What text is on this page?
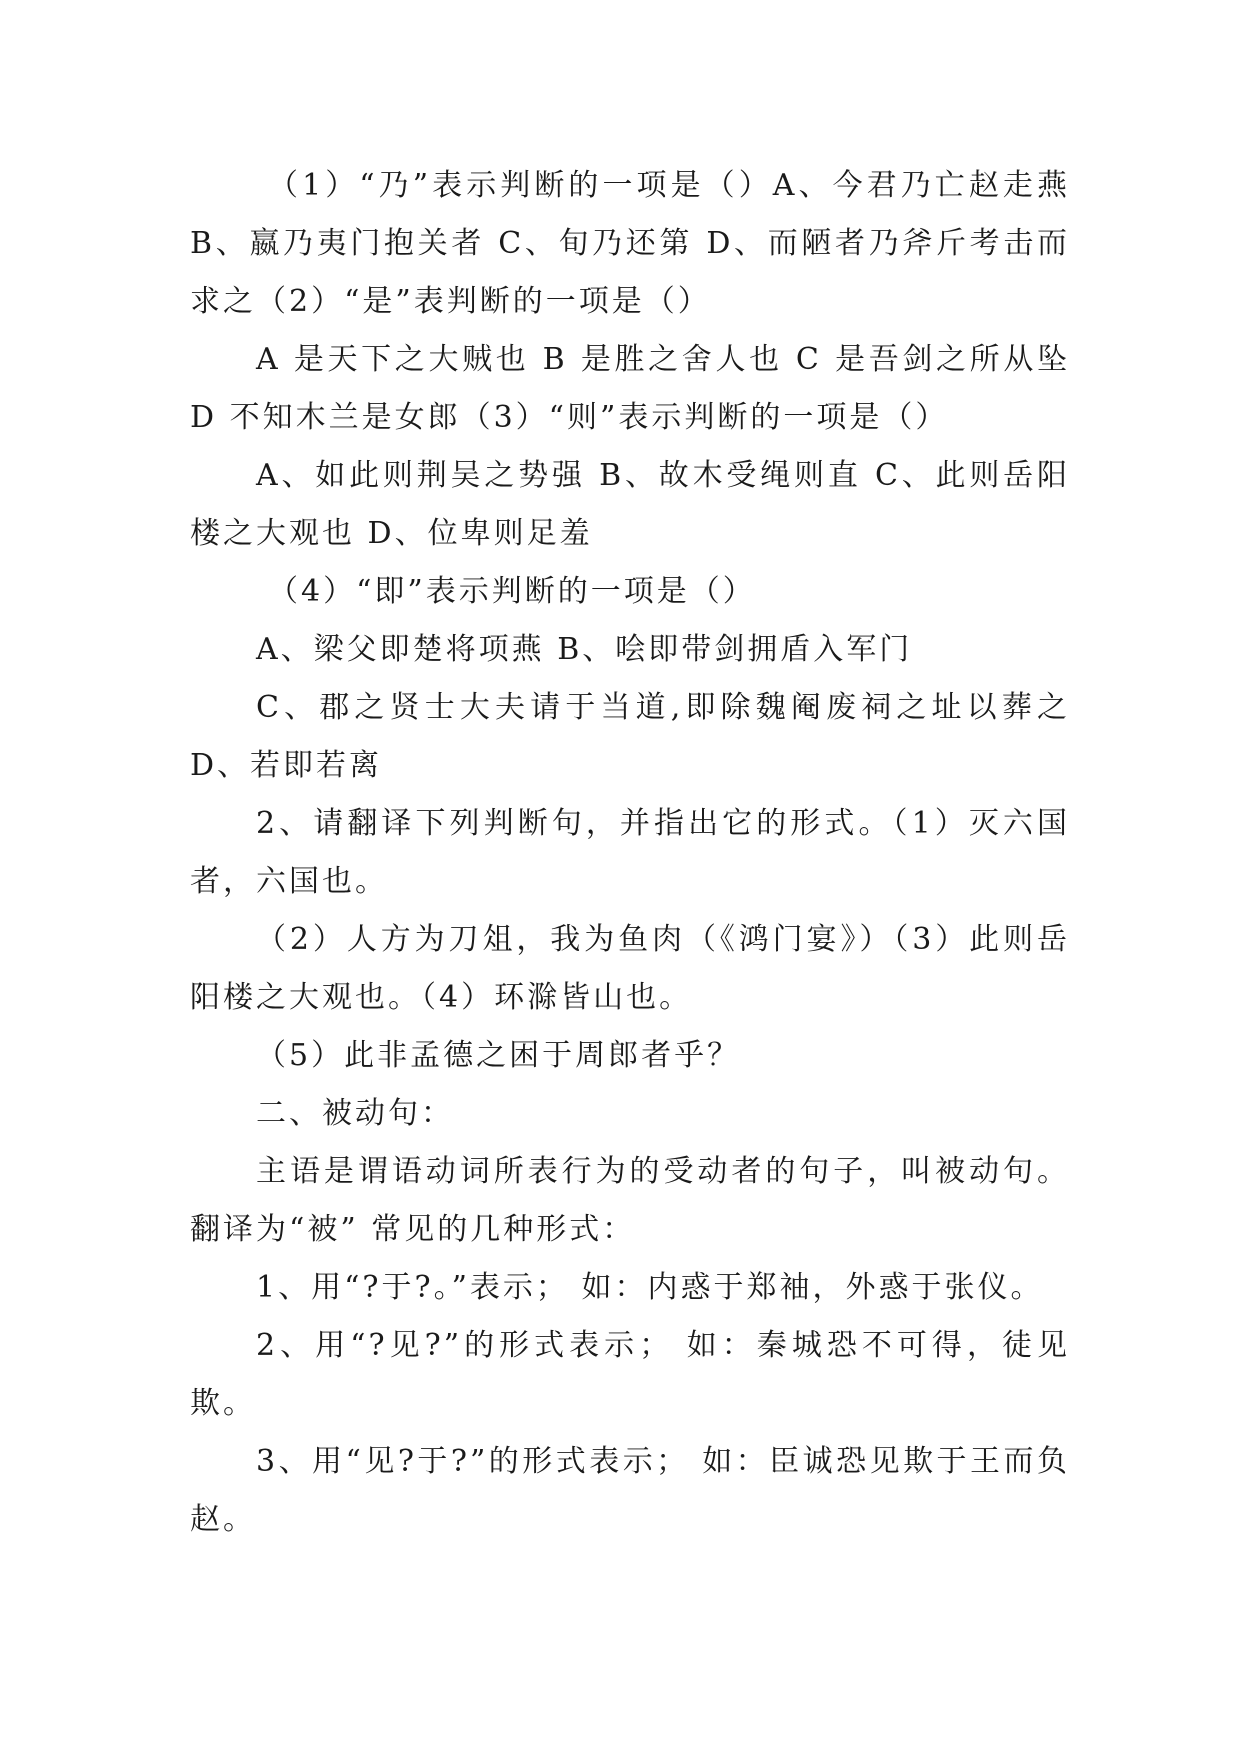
（1）“乃”表示判断的一项是（）A、今君乃亡赵走燕 B、嬴乃夷门抱关者 C、旬乃还第 D、而陋者乃斧斤考击而求之（2）“是”表判断的一项是（）

A 是天下之大贼也 B 是胜之舍人也 C 是吾剑之所从坠 D 不知木兰是女郎（3）“则”表示判断的一项是（）

A、如此则荆吴之势强 B、故木受绳则直 C、此则岳阳楼之大观也 D、位卑则足羞

（4）“即”表示判断的一项是（）

A、梁父即楚将项燕 B、哙即带剑拥盾入军门

C、郡之贤士大夫请于当道,即除魏阉废祠之址以葬之 D、若即若离

2、请翻译下列判断句，并指出它的形式。（1）灭六国者，六国也。

（2）人方为刀俎，我为鱼肉（《鸿门宴》）（3）此则岳阳楼之大观也。（4）环滁皆山也。

（5）此非孟德之困于周郎者乎？

二、被动句：

主语是谓语动词所表行为的受动者的句子，叫被动句。翻译为“被” 常见的几种形式：

1、用“?于?。”表示； 如：内惑于郑袖，外惑于张仪。

2、用“?见?”的形式表示； 如：秦城恐不可得，徒见欺。

3、用“见?于?”的形式表示； 如：臣诚恐见欺于王而负赵。
